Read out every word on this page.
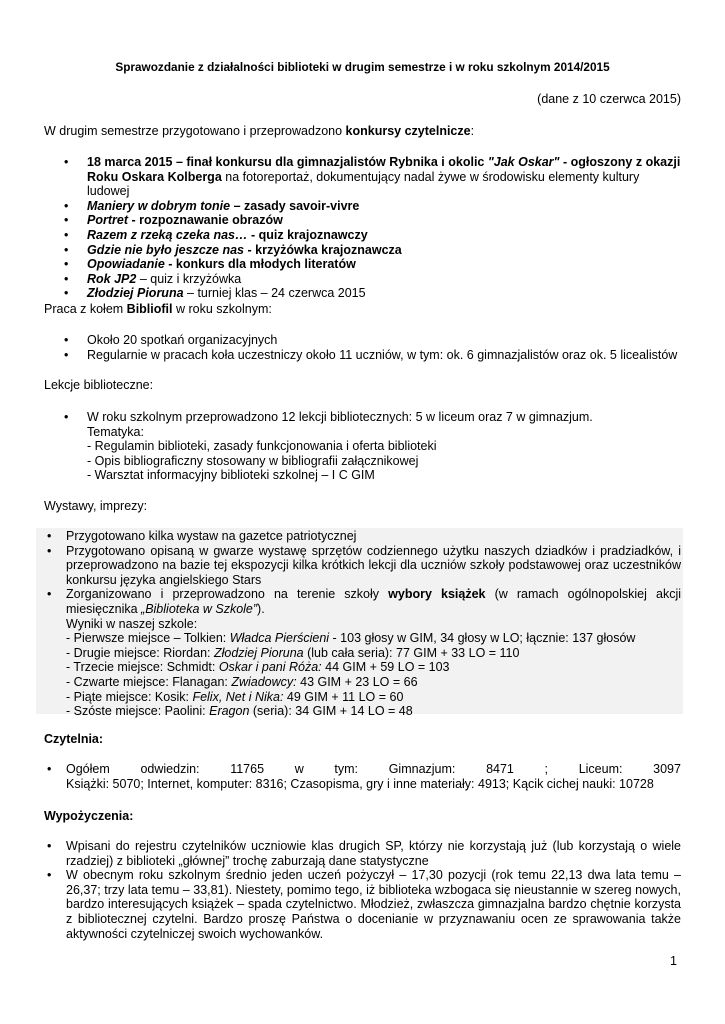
Sprawozdanie z działalności biblioteki w drugim semestrze i w roku szkolnym 2014/2015
(dane z 10 czerwca 2015)
W drugim semestrze przygotowano i przeprowadzono konkursy czytelnicze:
• 18 marca 2015 – finał konkursu dla gimnazjalistów Rybnika i okolic "Jak Oskar" - ogłoszony z okazji Roku Oskara Kolberga na fotoreportaż, dokumentujący nadal żywe w środowisku elementy kultury ludowej
• Maniery w dobrym tonie – zasady savoir-vivre
• Portret - rozpoznawanie obrazów
• Razem z rzeką czeka nas… - quiz krajoznawczy
• Gdzie nie było jeszcze nas - krzyżówka krajoznawcza
• Opowiadanie - konkurs dla młodych literatów
• Rok JP2 – quiz i krzyżówka
• Złodziej Pioruna – turniej klas – 24 czerwca 2015
Praca z kołem Bibliofil w roku szkolnym:
• Około 20 spotkań organizacyjnych
• Regularnie w pracach koła uczestniczy około 11 uczniów, w tym: ok. 6 gimnazjalistów oraz ok. 5 licealistów
Lekcje biblioteczne:
• W roku szkolnym przeprowadzono 12 lekcji bibliotecznych: 5 w liceum oraz 7 w gimnazjum.
Tematyka:
- Regulamin biblioteki, zasady funkcjonowania i oferta biblioteki
- Opis bibliograficzny stosowany w bibliografii załącznikowej
- Warsztat informacyjny biblioteki szkolnej – I C GIM
Wystawy, imprezy:
• Przygotowano kilka wystaw na gazetce patriotycznej
• Przygotowano opisaną w gwarze wystawę sprzętów codziennego użytku naszych dziadków i pradziadków, i przeprowadzono na bazie tej ekspozycji kilka krótkich lekcji dla uczniów szkoły podstawowej oraz uczestników konkursu języka angielskiego Stars
• Zorganizowano i przeprowadzono na terenie szkoły wybory książek (w ramach ogólnopolskiej akcji miesięcznika „Biblioteka w Szkole”).
Wyniki w naszej szkole:
- Pierwsze miejsce – Tolkien: Władca Pierścieni - 103 głosy w GIM, 34 głosy w LO; łącznie: 137 głosów
- Drugie miejsce: Riordan: Złodziej Pioruna (lub cała seria): 77 GIM + 33 LO = 110
- Trzecie miejsce: Schmidt: Oskar i pani Róża: 44 GIM + 59 LO = 103
- Czwarte miejsce: Flanagan: Zwiadowcy: 43 GIM + 23 LO = 66
- Piąte miejsce: Kosik: Felix, Net i Nika: 49 GIM + 11 LO = 60
- Szóste miejsce: Paolini: Eragon (seria): 34 GIM + 14 LO = 48
Czytelnia:
• Ogółem odwiedzin: 11765 w tym: Gimnazjum: 8471 ; Liceum: 3097
Książki: 5070; Internet, komputer: 8316; Czasopisma, gry i inne materiały: 4913; Kącik cichej nauki: 10728
Wypożyczenia:
• Wpisani do rejestru czytelników uczniowie klas drugich SP, którzy nie korzystają już (lub korzystają o wiele rzadziej) z biblioteki „głównej” trochę zaburzają dane statystyczne
• W obecnym roku szkolnym średnio jeden uczeń pożyczył – 17,30 pozycji (rok temu 22,13 dwa lata temu – 26,37; trzy lata temu – 33,81). Niestety, pomimo tego, iż biblioteka wzbogaca się nieustannie w szereg nowych, bardzo interesujących książek – spada czytelnictwo. Młodzież, zwłaszcza gimnazjalna bardzo chętnie korzysta z bibliotecznej czytelni. Bardzo proszę Państwa o docenianie w przyznawaniu ocen ze sprawowania także aktywności czytelniczej swoich wychowanków.
1
